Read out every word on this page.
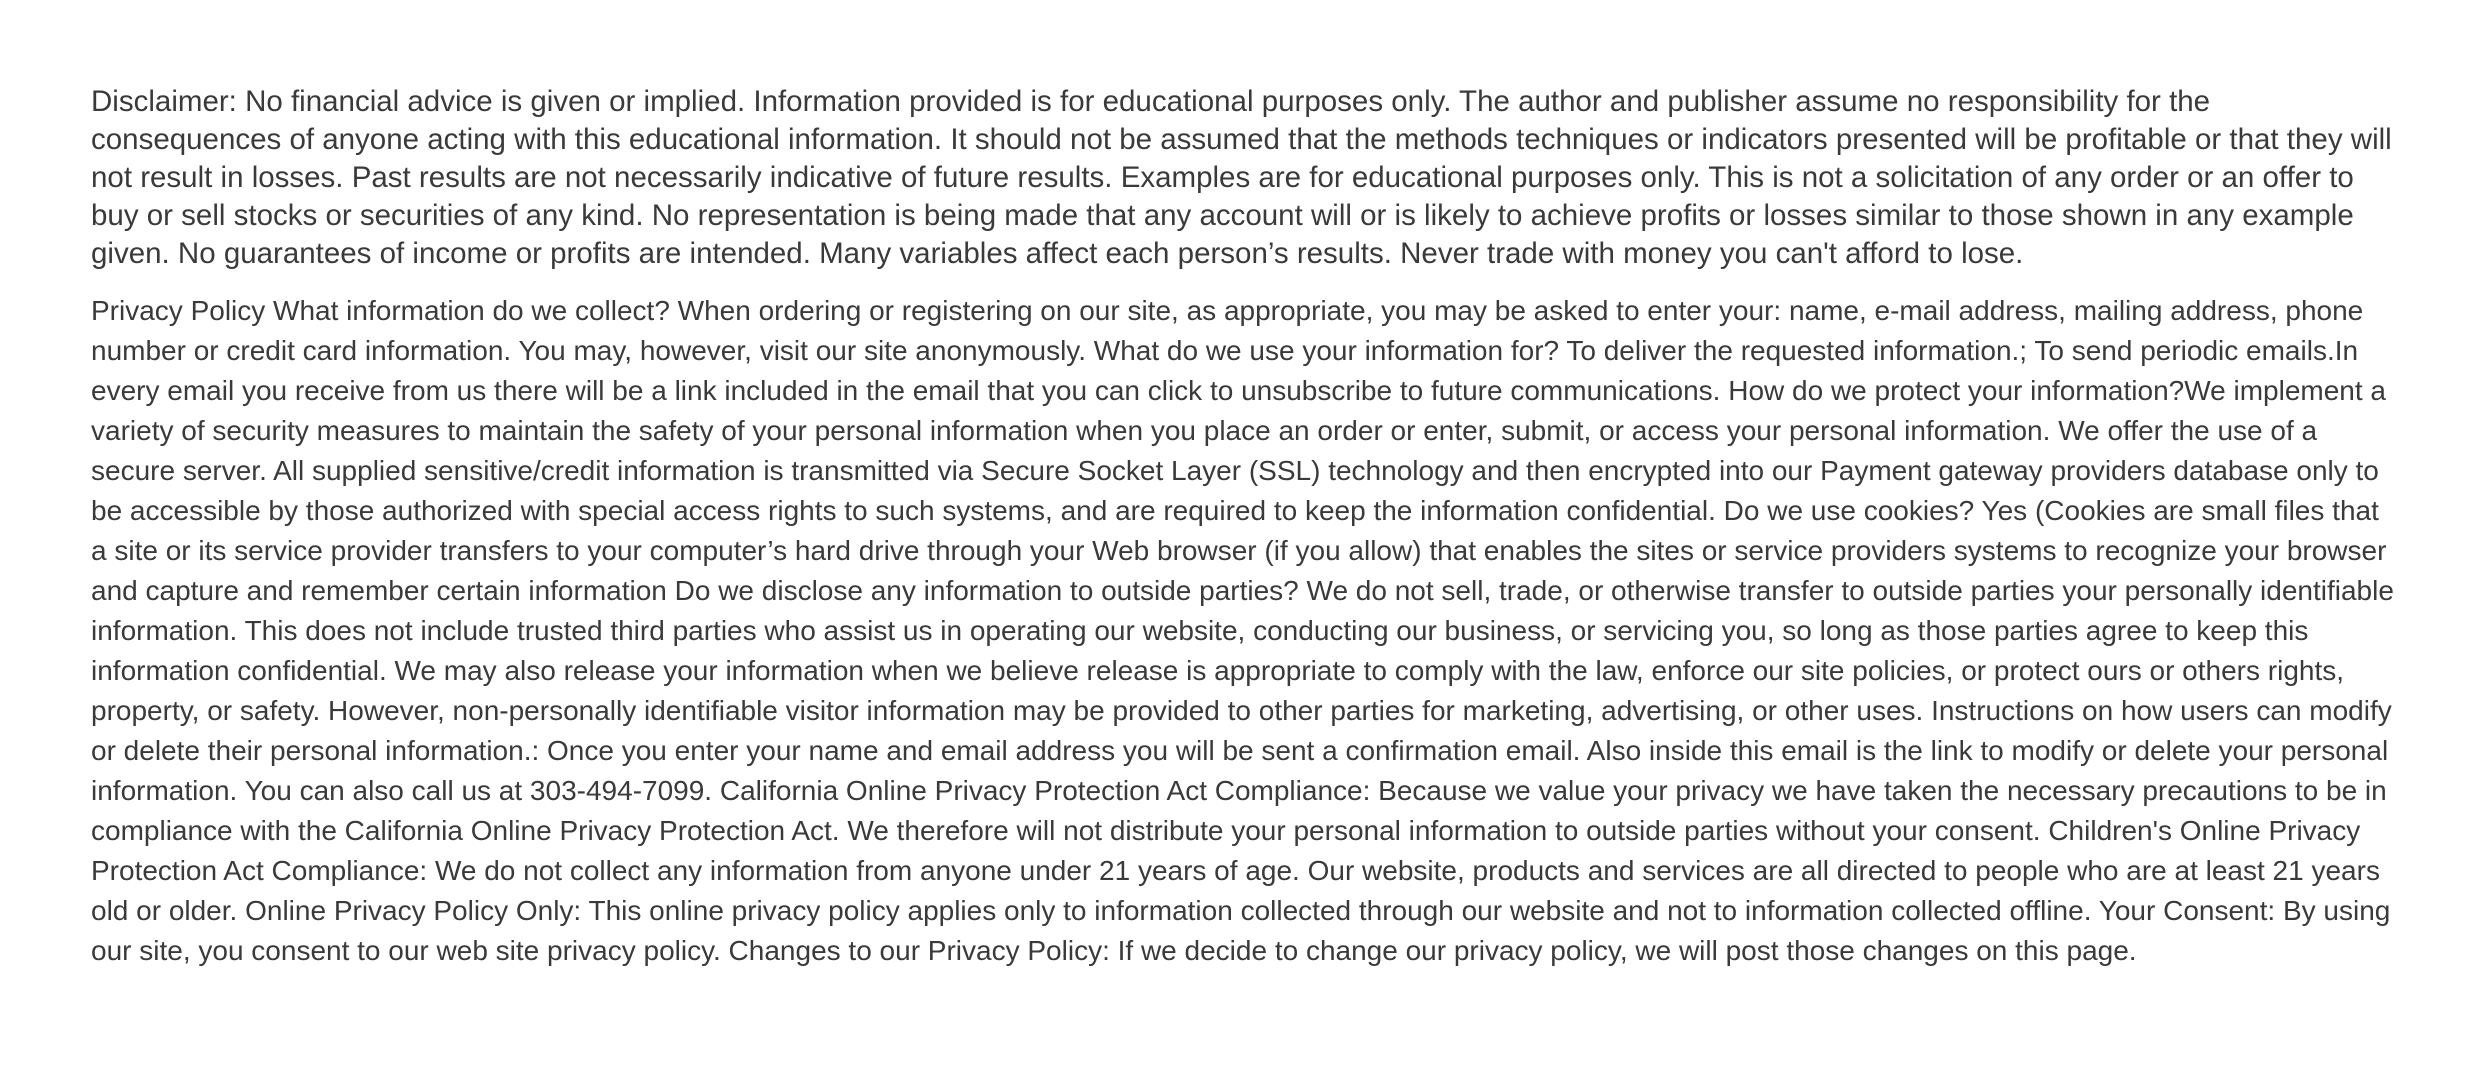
Disclaimer: No financial advice is given or implied. Information provided is for educational purposes only. The author and publisher assume no responsibility for the consequences of anyone acting with this educational information. It should not be assumed that the methods techniques or indicators presented will be profitable or that they will not result in losses. Past results are not necessarily indicative of future results. Examples are for educational purposes only. This is not a solicitation of any order or an offer to buy or sell stocks or securities of any kind. No representation is being made that any account will or is likely to achieve profits or losses similar to those shown in any example given. No guarantees of income or profits are intended. Many variables affect each person’s results. Never trade with money you can't afford to lose.

Privacy Policy What information do we collect? When ordering or registering on our site, as appropriate, you may be asked to enter your: name, e-mail address, mailing address, phone number or credit card information. You may, however, visit our site anonymously. What do we use your information for? To deliver the requested information.; To send periodic emails.In every email you receive from us there will be a link included in the email that you can click to unsubscribe to future communications. How do we protect your information?We implement a variety of security measures to maintain the safety of your personal information when you place an order or enter, submit, or access your personal information. We offer the use of a secure server. All supplied sensitive/credit information is transmitted via Secure Socket Layer (SSL) technology and then encrypted into our Payment gateway providers database only to be accessible by those authorized with special access rights to such systems, and are required to keep the information confidential. Do we use cookies? Yes (Cookies are small files that a site or its service provider transfers to your computer’s hard drive through your Web browser (if you allow) that enables the sites or service providers systems to recognize your browser and capture and remember certain information Do we disclose any information to outside parties? We do not sell, trade, or otherwise transfer to outside parties your personally identifiable information. This does not include trusted third parties who assist us in operating our website, conducting our business, or servicing you, so long as those parties agree to keep this information confidential. We may also release your information when we believe release is appropriate to comply with the law, enforce our site policies, or protect ours or others rights, property, or safety. However, non-personally identifiable visitor information may be provided to other parties for marketing, advertising, or other uses. Instructions on how users can modify or delete their personal information.: Once you enter your name and email address you will be sent a confirmation email. Also inside this email is the link to modify or delete your personal information. You can also call us at 303-494-7099. California Online Privacy Protection Act Compliance: Because we value your privacy we have taken the necessary precautions to be in compliance with the California Online Privacy Protection Act. We therefore will not distribute your personal information to outside parties without your consent. Children's Online Privacy Protection Act Compliance: We do not collect any information from anyone under 21 years of age. Our website, products and services are all directed to people who are at least 21 years old or older. Online Privacy Policy Only: This online privacy policy applies only to information collected through our website and not to information collected offline. Your Consent: By using our site, you consent to our web site privacy policy. Changes to our Privacy Policy: If we decide to change our privacy policy, we will post those changes on this page.
